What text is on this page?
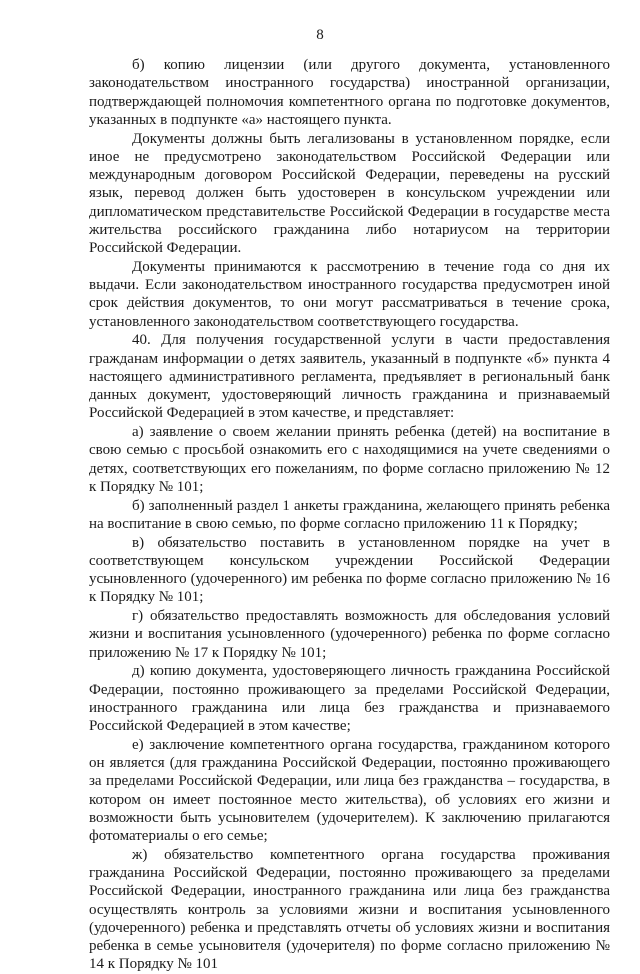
8

б) копию лицензии (или другого документа, установленного законодательством иностранного государства) иностранной организации, подтверждающей полномочия компетентного органа по подготовке документов, указанных в подпункте «а» настоящего пункта.

Документы должны быть легализованы в установленном порядке, если иное не предусмотрено законодательством Российской Федерации или международным договором Российской Федерации, переведены на русский язык, перевод должен быть удостоверен в консульском учреждении или дипломатическом представительстве Российской Федерации в государстве места жительства российского гражданина либо нотариусом на территории Российской Федерации.

Документы принимаются к рассмотрению в течение года со дня их выдачи. Если законодательством иностранного государства предусмотрен иной срок действия документов, то они могут рассматриваться в течение срока, установленного законодательством соответствующего государства.

40. Для получения государственной услуги в части предоставления гражданам информации о детях заявитель, указанный в подпункте «б» пункта 4 настоящего административного регламента, предъявляет в региональный банк данных документ, удостоверяющий личность гражданина и признаваемый Российской Федерацией в этом качестве, и представляет:

а) заявление о своем желании принять ребенка (детей) на воспитание в свою семью с просьбой ознакомить его с находящимися на учете сведениями о детях, соответствующих его пожеланиям, по форме согласно приложению № 12 к Порядку № 101;

б) заполненный раздел 1 анкеты гражданина, желающего принять ребенка на воспитание в свою семью, по форме согласно приложению 11 к Порядку;

в) обязательство поставить в установленном порядке на учет в соответствующем консульском учреждении Российской Федерации усыновленного (удочеренного) им ребенка по форме согласно приложению № 16 к Порядку № 101;

г) обязательство предоставлять возможность для обследования условий жизни и воспитания усыновленного (удочеренного) ребенка по форме согласно приложению № 17 к Порядку № 101;

д) копию документа, удостоверяющего личность гражданина Российской Федерации, постоянно проживающего за пределами Российской Федерации, иностранного гражданина или лица без гражданства и признаваемого Российской Федерацией в этом качестве;

е) заключение компетентного органа государства, гражданином которого он является (для гражданина Российской Федерации, постоянно проживающего за пределами Российской Федерации, или лица без гражданства – государства, в котором он имеет постоянное место жительства), об условиях его жизни и возможности быть усыновителем (удочерителем). К заключению прилагаются фотоматериалы о его семье;

ж) обязательство компетентного органа государства проживания гражданина Российской Федерации, постоянно проживающего за пределами Российской Федерации, иностранного гражданина или лица без гражданства осуществлять контроль за условиями жизни и воспитания усыновленного (удочеренного) ребенка и представлять отчеты об условиях жизни и воспитания ребенка в семье усыновителя (удочерителя) по форме согласно приложению № 14 к Порядку № 101
